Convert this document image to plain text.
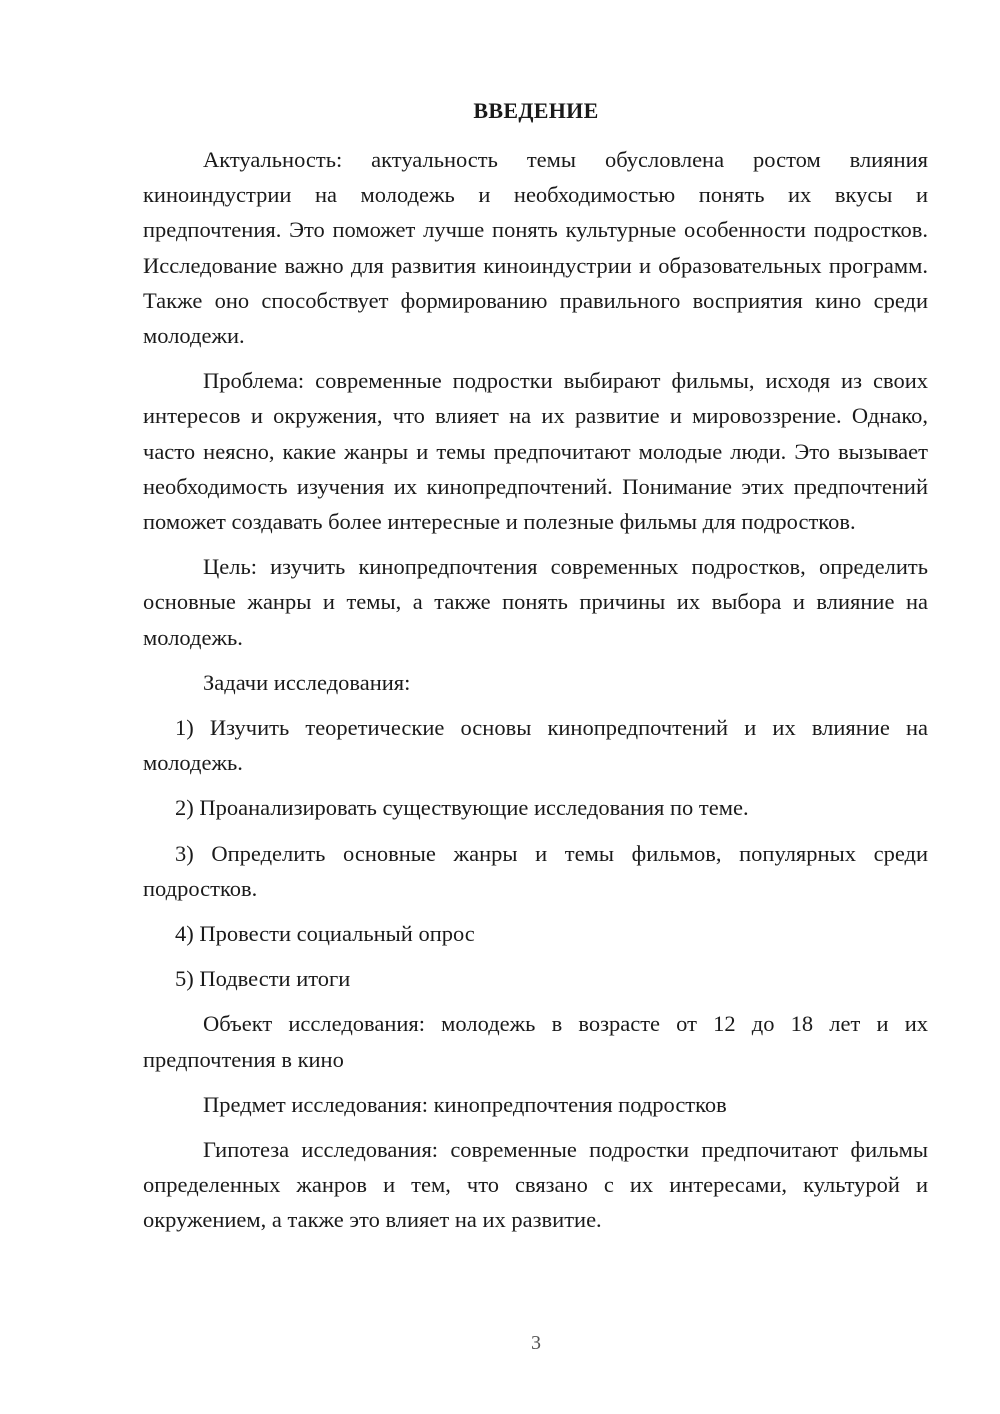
ВВЕДЕНИЕ

Актуальность: актуальность темы обусловлена ростом влияния киноиндустрии на молодежь и необходимостью понять их вкусы и предпочтения. Это поможет лучше понять культурные особенности подростков. Исследование важно для развития киноиндустрии и образовательных программ. Также оно способствует формированию правильного восприятия кино среди молодежи.

Проблема: современные подростки выбирают фильмы, исходя из своих интересов и окружения, что влияет на их развитие и мировоззрение. Однако, часто неясно, какие жанры и темы предпочитают молодые люди. Это вызывает необходимость изучения их кинопредпочтений. Понимание этих предпочтений поможет создавать более интересные и полезные фильмы для подростков.

Цель: изучить кинопредпочтения современных подростков, определить основные жанры и темы, а также понять причины их выбора и влияние на молодежь.

Задачи исследования:

1) Изучить теоретические основы кинопредпочтений и их влияние на молодежь.

2) Проанализировать существующие исследования по теме.

3) Определить основные жанры и темы фильмов, популярных среди подростков.

4) Провести социальный опрос

5) Подвести итоги

Объект исследования: молодежь в возрасте от 12 до 18 лет и их предпочтения в кино

Предмет исследования: кинопредпочтения подростков

Гипотеза исследования: современные подростки предпочитают фильмы определенных жанров и тем, что связано с их интересами, культурой и окружением, а также это влияет на их развитие.

3
